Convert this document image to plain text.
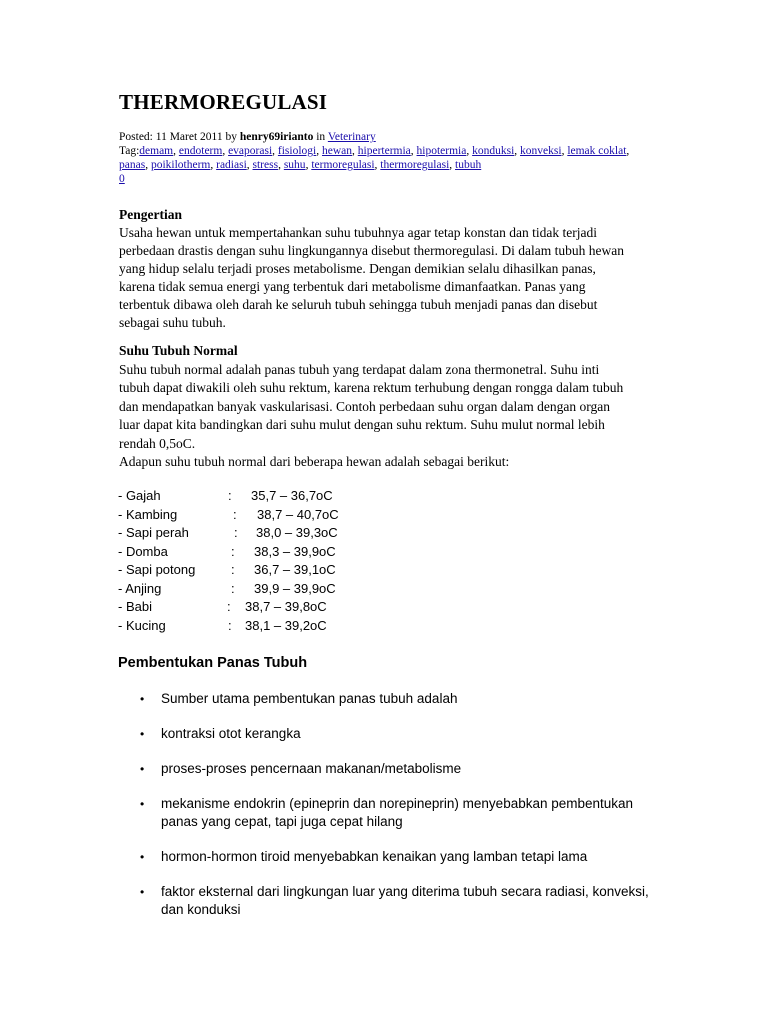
THERMOREGULASI
Posted: 11 Maret 2011 by henry69irianto in Veterinary
Tag:demam, endoterm, evaporasi, fisiologi, hewan, hipertermia, hipotermia, konduksi, konveksi, lemak coklat, panas, poikilotherm, radiasi, stress, suhu, termoregulasi, thermoregulasi, tubuh
0

Pengertian

Usaha hewan untuk mempertahankan suhu tubuhnya agar tetap konstan dan tidak terjadi
perbedaan drastis dengan suhu lingkungannya disebut thermoregulasi. Di dalam tubuh hewan
yang hidup selalu terjadi proses metabolisme. Dengan demikian selalu dihasilkan panas,
karena tidak semua energi yang terbentuk dari metabolisme dimanfaatkan. Panas yang
terbentuk dibawa oleh darah ke seluruh tubuh sehingga tubuh menjadi panas dan disebut
sebagai suhu tubuh.

Suhu Tubuh Normal

Suhu tubuh normal adalah panas tubuh yang terdapat dalam zona thermonetral. Suhu inti
tubuh dapat diwakili oleh suhu rektum, karena rektum terhubung dengan rongga dalam tubuh
dan mendapatkan banyak vaskularisasi. Contoh perbedaan suhu organ dalam dengan organ
luar dapat kita bandingkan dari suhu mulut dengan suhu rektum. Suhu mulut normal lebih
rendah 0,5oC.
Adapun suhu tubuh normal dari beberapa hewan adalah sebagai berikut:
- Gajah	: 35,7 – 36,7oC
- Kambing	: 38,7 – 40,7oC
- Sapi perah	: 38,0 – 39,3oC
- Domba	: 38,3 – 39,9oC
- Sapi potong	: 36,7 – 39,1oC
- Anjing	: 39,9 – 39,9oC
- Babi	: 38,7 – 39,8oC
- Kucing	: 38,1 – 39,2oC
Pembentukan Panas Tubuh
• Sumber utama pembentukan panas tubuh adalah
• kontraksi otot kerangka
• proses-proses pencernaan makanan/metabolisme
• mekanisme endokrin (epineprin dan norepineprin) menyebabkan pembentukan panas yang cepat, tapi juga cepat hilang
• hormon-hormon tiroid menyebabkan kenaikan yang lamban tetapi lama
• faktor eksternal dari lingkungan luar yang diterima tubuh secara radiasi, konveksi, dan konduksi
